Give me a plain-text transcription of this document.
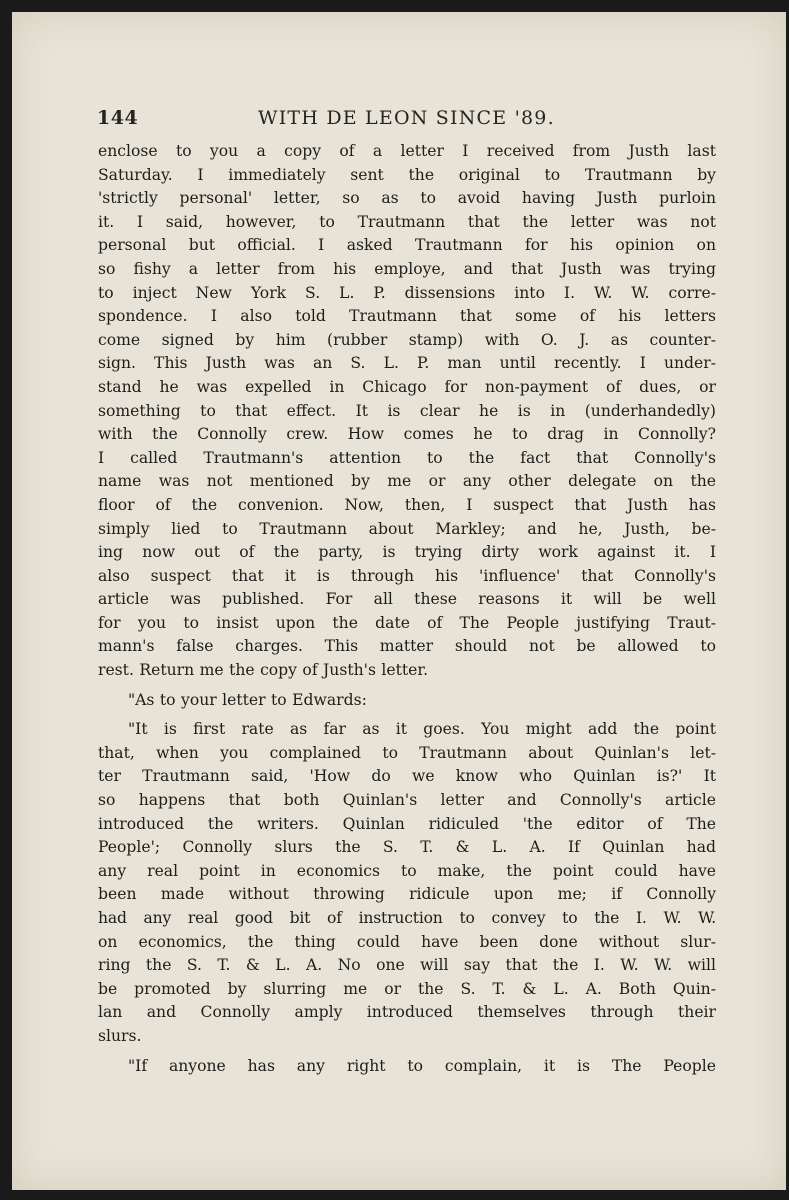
144	WITH DE LEON SINCE '89.
enclose to you a copy of a letter I received from Justh last
Saturday. I immediately sent the original to Trautmann by
'strictly personal' letter, so as to avoid having Justh purloin
it. I said, however, to Trautmann that the letter was not
personal but official. I asked Trautmann for his opinion on
so fishy a letter from his employe, and that Justh was trying
to inject New York S. L. P. dissensions into I. W. W. corre-
spondence. I also told Trautmann that some of his letters
come signed by him (rubber stamp) with O. J. as counter-
sign. This Justh was an S. L. P. man until recently. I under-
stand he was expelled in Chicago for non-payment of dues, or
something to that effect. It is clear he is in (underhandedly)
with the Connolly crew. How comes he to drag in Connolly?
I called Trautmann's attention to the fact that Connolly's
name was not mentioned by me or any other delegate on the
floor of the convenion. Now, then, I suspect that Justh has
simply lied to Trautmann about Markley; and he, Justh, be-
ing now out of the party, is trying dirty work against it. I
also suspect that it is through his 'influence' that Connolly's
article was published. For all these reasons it will be well
for you to insist upon the date of The People justifying Traut-
mann's false charges. This matter should not be allowed to
rest. Return me the copy of Justh's letter.
"As to your letter to Edwards:
"It is first rate as far as it goes. You might add the point
that, when you complained to Trautmann about Quinlan's let-
ter Trautmann said, 'How do we know who Quinlan is?' It
so happens that both Quinlan's letter and Connolly's article
introduced the writers. Quinlan ridiculed 'the editor of The
People'; Connolly slurs the S. T. & L. A. If Quinlan had
any real point in economics to make, the point could have
been made without throwing ridicule upon me; if Connolly
had any real good bit of instruction to convey to the I. W. W.
on economics, the thing could have been done without slur-
ring the S. T. & L. A. No one will say that the I. W. W. will
be promoted by slurring me or the S. T. & L. A. Both Quin-
lan and Connolly amply introduced themselves through their
slurs.
"If anyone has any right to complain, it is The People
